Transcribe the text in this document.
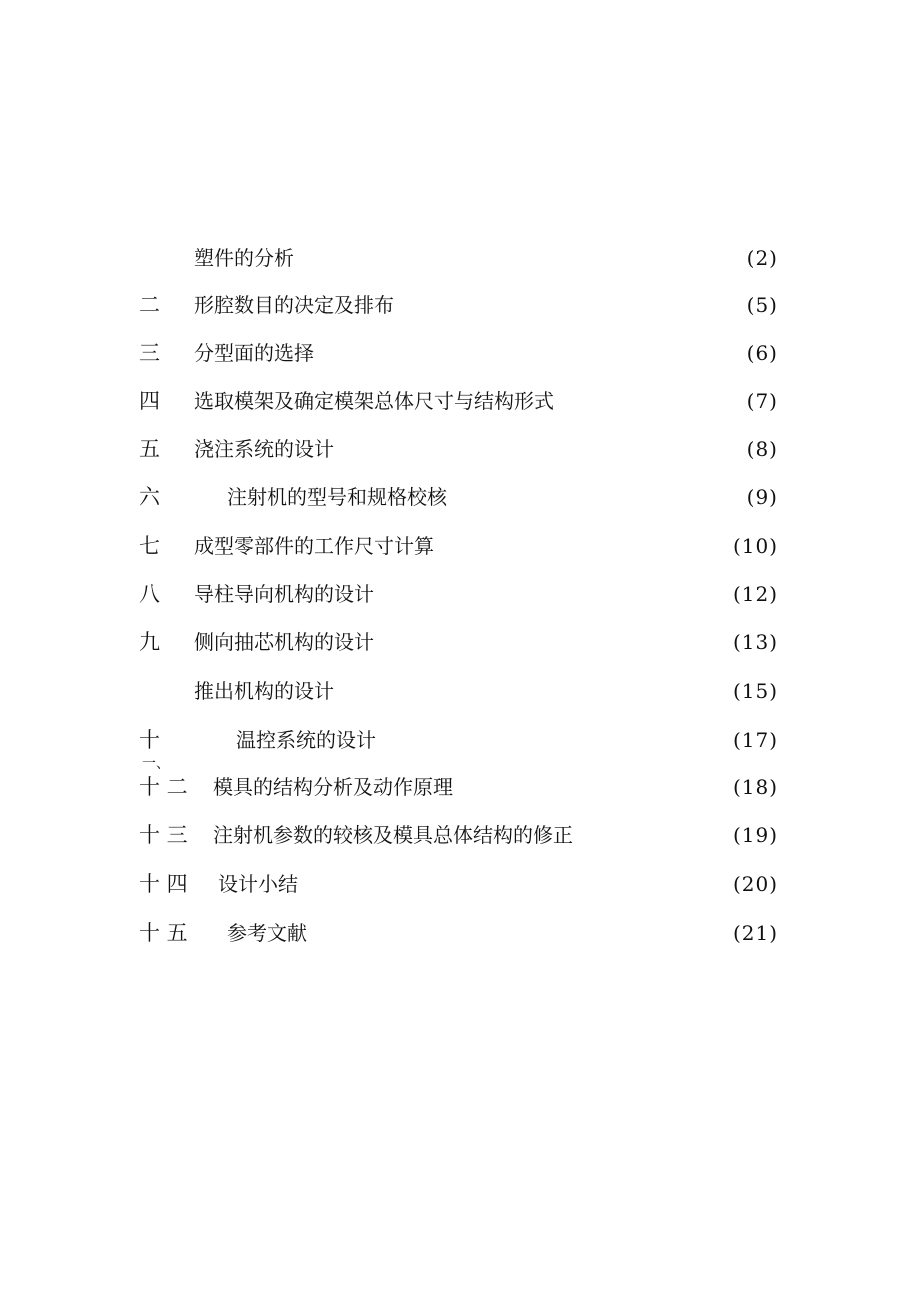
塑件的分析	(2)
二 形腔数目的决定及排布	(5)
三 分型面的选择	(6)
四 选取模架及确定模架总体尺寸与结构形式	(7)
五 浇注系统的设计	(8)
六	注射机的型号和规格校核	(9)
七 成型零部件的工作尺寸计算	(10)
八 导柱导向机构的设计	(12)
九 侧向抽芯机构的设计	(13)
推出机构的设计	(15)
十	温控系统的设计	(17)
一、
十 二 模具的结构分析及动作原理	(18)
十 三 注射机参数的较核及模具总体结构的修正	(19)
十 四 设计小结	(20)
十 五 参考文献	(21)
